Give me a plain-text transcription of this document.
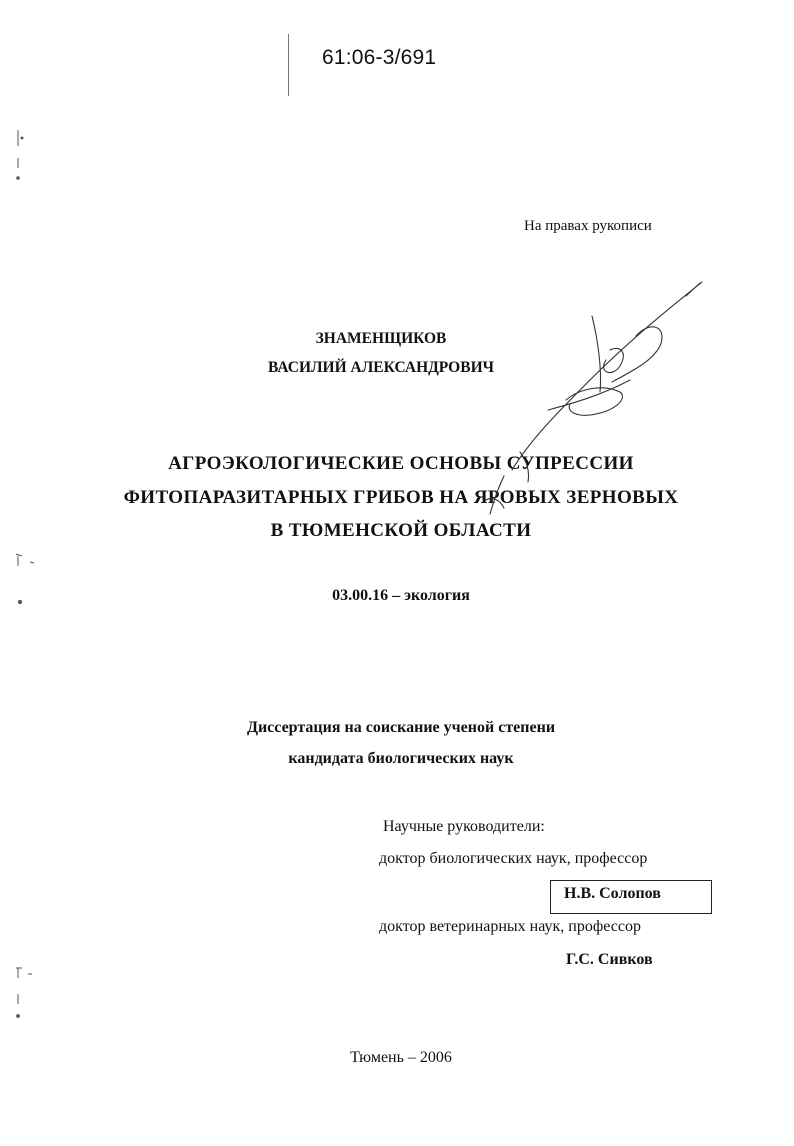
61:06-3/691
На правах рукописи
ЗНАМЕНЩИКОВ
ВАСИЛИЙ АЛЕКСАНДРОВИЧ
АГРОЭКОЛОГИЧЕСКИЕ ОСНОВЫ СУПРЕССИИ
ФИТОПАРАЗИТАРНЫХ ГРИБОВ НА ЯРОВЫХ ЗЕРНОВЫХ
В ТЮМЕНСКОЙ ОБЛАСТИ
03.00.16 – экология
Диссертация на соискание ученой степени
кандидата биологических наук
Научные руководители:
доктор биологических наук, профессор
Н.В. Солопов
доктор ветеринарных наук, профессор
Г.С. Сивков
Тюмень – 2006
